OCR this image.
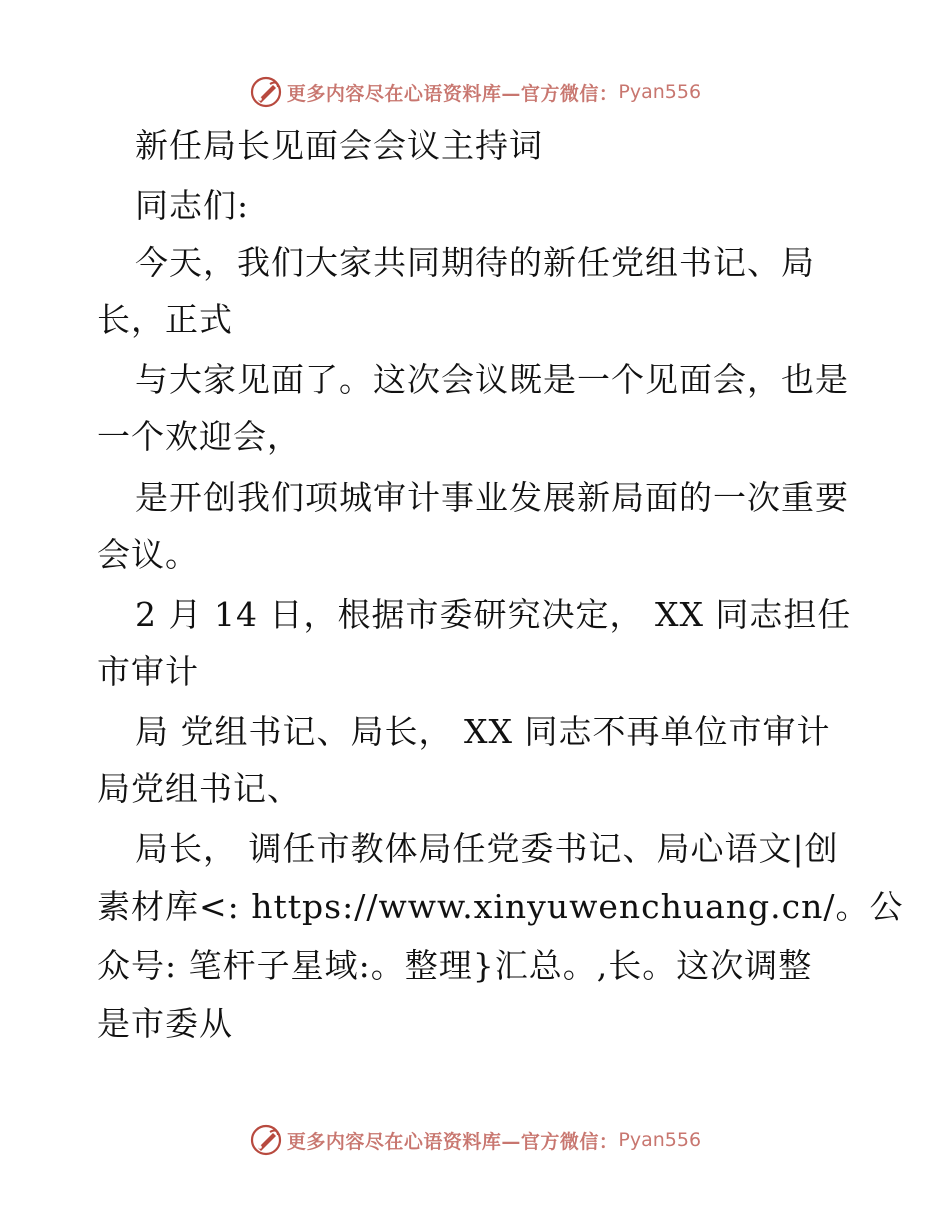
更多内容尽在心语资料库—官方微信： Pyan556
新任局长见面会会议主持词
同志们:
今天，我们大家共同期待的新任党组书记、局
长，正式
与大家见面了。这次会议既是一个见面会，也是
一个欢迎会，
是开创我们项城审计事业发展新局面的一次重要
会议。
2 月 14 日，根据市委研究决定， XX 同志担任
市审计
局 党组书记、局长， XX 同志不再单位市审计
局党组书记、
局长， 调任市教体局任党委书记、局心语文|创
素材库<: https://www.xinyuwenchuang.cn/。公
众号: 笔杆子星域:。整理}汇总。,长。这次调整
是市委从
更多内容尽在心语资料库—官方微信： Pyan556
